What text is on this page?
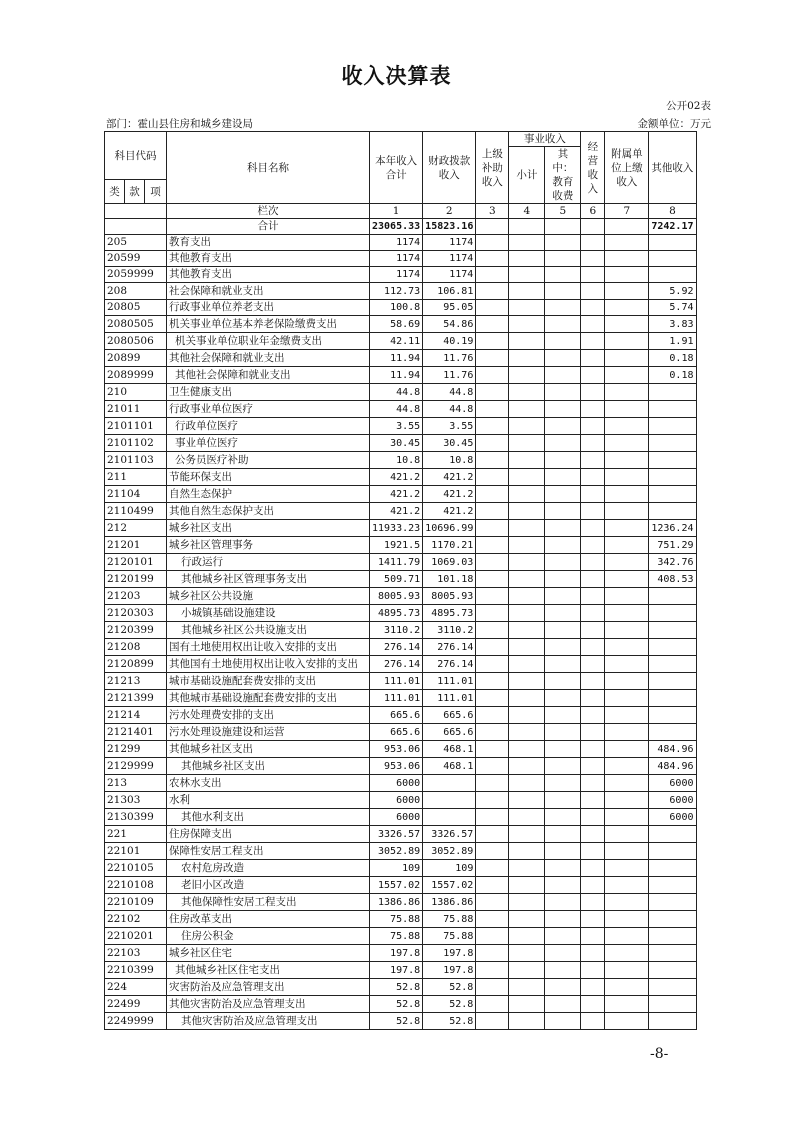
收入决算表
公开02表
部门：霍山县住房和城乡建设局	金额单位：万元
科目代码			科目名称	本年收入合计	财政拨款收入	上级补助收入	事业收入		经营收入	附属单位上缴收入	其他收入
							小计	其中：教育收费			
类	款	项									
			栏次	1	2	3	4	5	6	7	8
			合计	23065.33	15823.16						7242.17
205			教育支出	1174	1174						
20599			其他教育支出	1174	1174						
2059999			其他教育支出	1174	1174						
208			社会保障和就业支出	112.73	106.81						5.92
20805			行政事业单位养老支出	100.8	95.05						5.74
2080505			机关事业单位基本养老保险缴费支出	58.69	54.86						3.83
2080506			机关事业单位职业年金缴费支出	42.11	40.19						1.91
20899			其他社会保障和就业支出	11.94	11.76						0.18
2089999			其他社会保障和就业支出	11.94	11.76						0.18
210			卫生健康支出	44.8	44.8						
21011			行政事业单位医疗	44.8	44.8						
2101101			行政单位医疗	3.55	3.55						
2101102			事业单位医疗	30.45	30.45						
2101103			公务员医疗补助	10.8	10.8						
211			节能环保支出	421.2	421.2						
21104			自然生态保护	421.2	421.2						
2110499			其他自然生态保护支出	421.2	421.2						
212			城乡社区支出	11933.23	10696.99						1236.24
21201			城乡社区管理事务	1921.5	1170.21						751.29
2120101			行政运行	1411.79	1069.03						342.76
2120199			其他城乡社区管理事务支出	509.71	101.18						408.53
21203			城乡社区公共设施	8005.93	8005.93						
2120303			小城镇基础设施建设	4895.73	4895.73						
2120399			其他城乡社区公共设施支出	3110.2	3110.2						
21208			国有土地使用权出让收入安排的支出	276.14	276.14						
2120899			其他国有土地使用权出让收入安排的支出	276.14	276.14						
21213			城市基础设施配套费安排的支出	111.01	111.01						
2121399			其他城市基础设施配套费安排的支出	111.01	111.01						
21214			污水处理费安排的支出	665.6	665.6						
2121401			污水处理设施建设和运营	665.6	665.6						
21299			其他城乡社区支出	953.06	468.1						484.96
2129999			其他城乡社区支出	953.06	468.1						484.96
213			农林水支出	6000							6000
21303			水利	6000							6000
2130399			其他水利支出	6000							6000
221			住房保障支出	3326.57	3326.57						
22101			保障性安居工程支出	3052.89	3052.89						
2210105			农村危房改造	109	109						
2210108			老旧小区改造	1557.02	1557.02						
2210109			其他保障性安居工程支出	1386.86	1386.86						
22102			住房改革支出	75.88	75.88						
2210201			住房公积金	75.88	75.88						
22103			城乡社区住宅	197.8	197.8						
2210399			其他城乡社区住宅支出	197.8	197.8						
224			灾害防治及应急管理支出	52.8	52.8						
22499			其他灾害防治及应急管理支出	52.8	52.8						
2249999			其他灾害防治及应急管理支出	52.8	52.8						
-8-
